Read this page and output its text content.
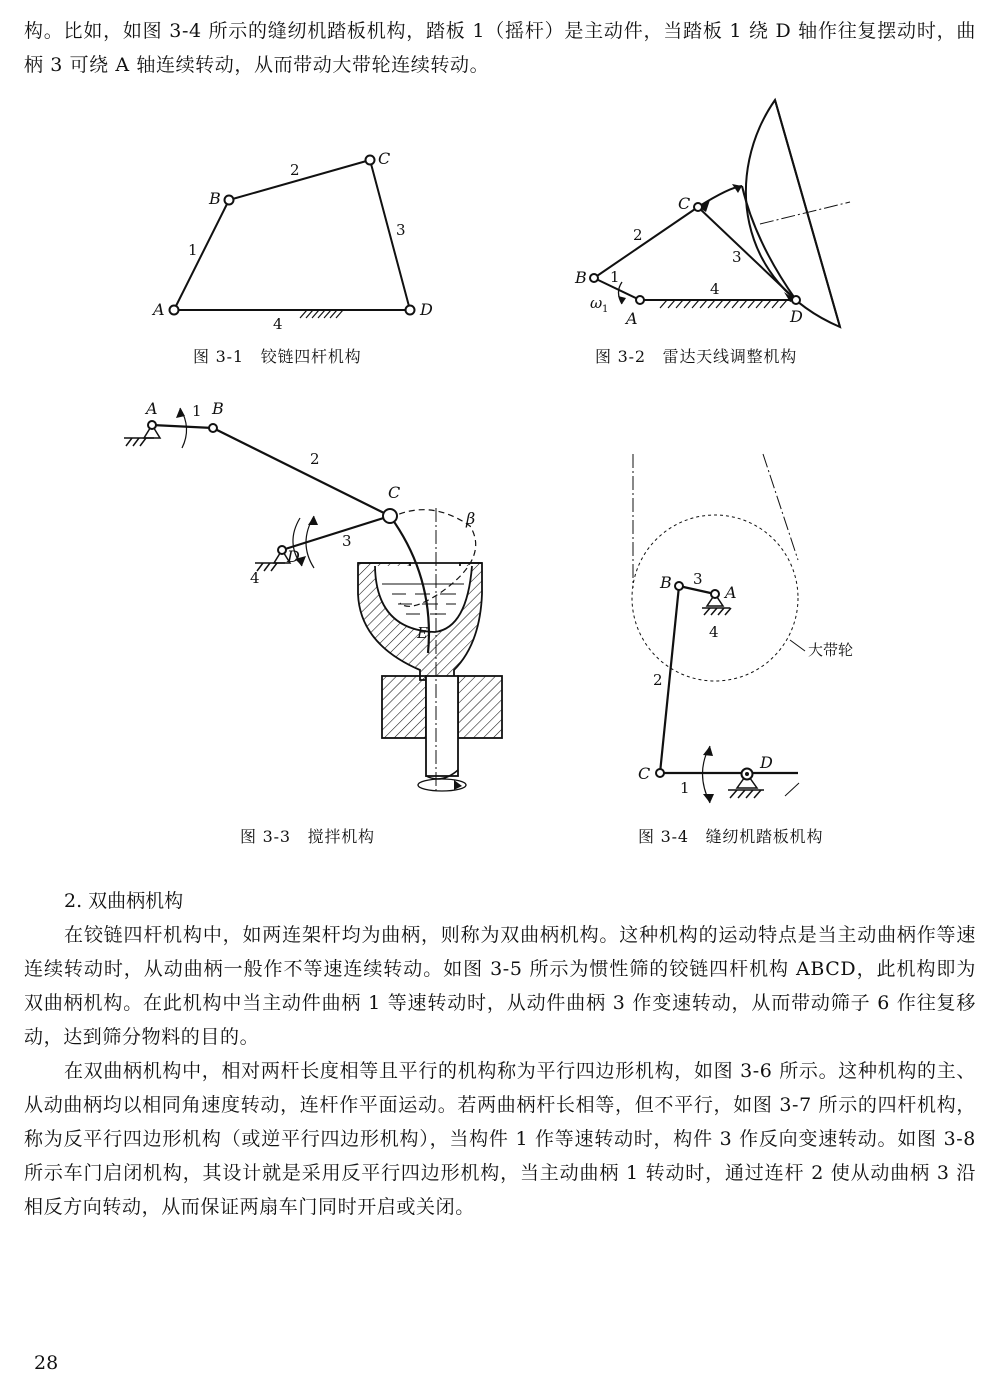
构。比如，如图 3-4 所示的缝纫机踏板机构，踏板 1（摇杆）是主动件，当踏板 1 绕 D 轴作往复摆动时，曲柄 3 可绕 A 轴连续转动，从而带动大带轮连续转动。

A
B
C
D
1
2
3
4
图 3-1　铰链四杆机构
A
B
C
D
1
2
3
4
ω 1
图 3-2　雷达天线调整机构
A	B
C
D
E
β
1
2
3
4
图 3-3　搅拌机构
A
B
C
D
1
2
3
4
大带轮
图 3-4　缝纫机踏板机构

2. 双曲柄机构

在铰链四杆机构中，如两连架杆均为曲柄，则称为双曲柄机构。这种机构的运动特点是当主动曲柄作等速连续转动时，从动曲柄一般作不等速连续转动。如图 3-5 所示为惯性筛的铰链四杆机构 ABCD，此机构即为双曲柄机构。在此机构中当主动件曲柄 1 等速转动时，从动件曲柄 3 作变速转动，从而带动筛子 6 作往复移动，达到筛分物料的目的。

在双曲柄机构中，相对两杆长度相等且平行的机构称为平行四边形机构，如图 3-6 所示。这种机构的主、从动曲柄均以相同角速度转动，连杆作平面运动。若两曲柄杆长相等，但不平行，如图 3-7 所示的四杆机构，称为反平行四边形机构（或逆平行四边形机构），当构件 1 作等速转动时，构件 3 作反向变速转动。如图 3-8 所示车门启闭机构，其设计就是采用反平行四边形机构，当主动曲柄 1 转动时，通过连杆 2 使从动曲柄 3 沿相反方向转动，从而保证两扇车门同时开启或关闭。

28
